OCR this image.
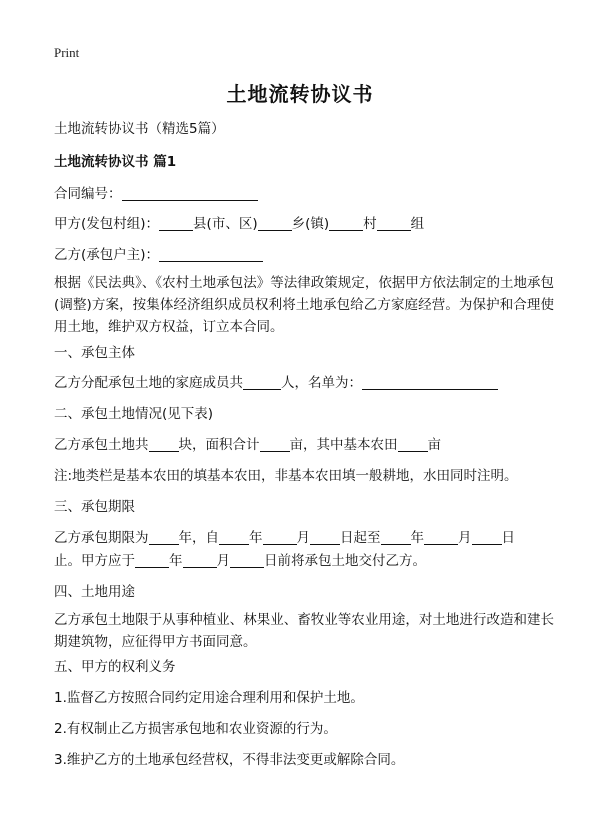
Print
土地流转协议书
土地流转协议书（精选5篇）
土地流转协议书 篇1
合同编号：
甲方(发包村组)：	县(市、区)	乡(镇)	村	组
乙方(承包户主)：
根据《民法典》、《农村土地承包法》等法律政策规定，依据甲方依法制定的土地承包(调整)方案，按集体经济组织成员权利将土地承包给乙方家庭经营。为保护和合理使用土地，维护双方权益，订立本合同。
一、承包主体
乙方分配承包土地的家庭成员共	人，名单为：
二、承包土地情况(见下表)
乙方承包土地共 块，面积合计 亩，其中基本农田 亩
注:地类栏是基本农田的填基本农田，非基本农田填一般耕地，水田同时注明。
三、承包期限
乙方承包期限为 年，自 年	月 日起至 年	月 日
止。甲方应于	年	月	日前将承包土地交付乙方。
四、土地用途
乙方承包土地限于从事种植业、林果业、畜牧业等农业用途，对土地进行改造和建长期建筑物，应征得甲方书面同意。
五、甲方的权利义务
1.监督乙方按照合同约定用途合理利用和保护土地。
2.有权制止乙方损害承包地和农业资源的行为。
3.维护乙方的土地承包经营权，不得非法变更或解除合同。
